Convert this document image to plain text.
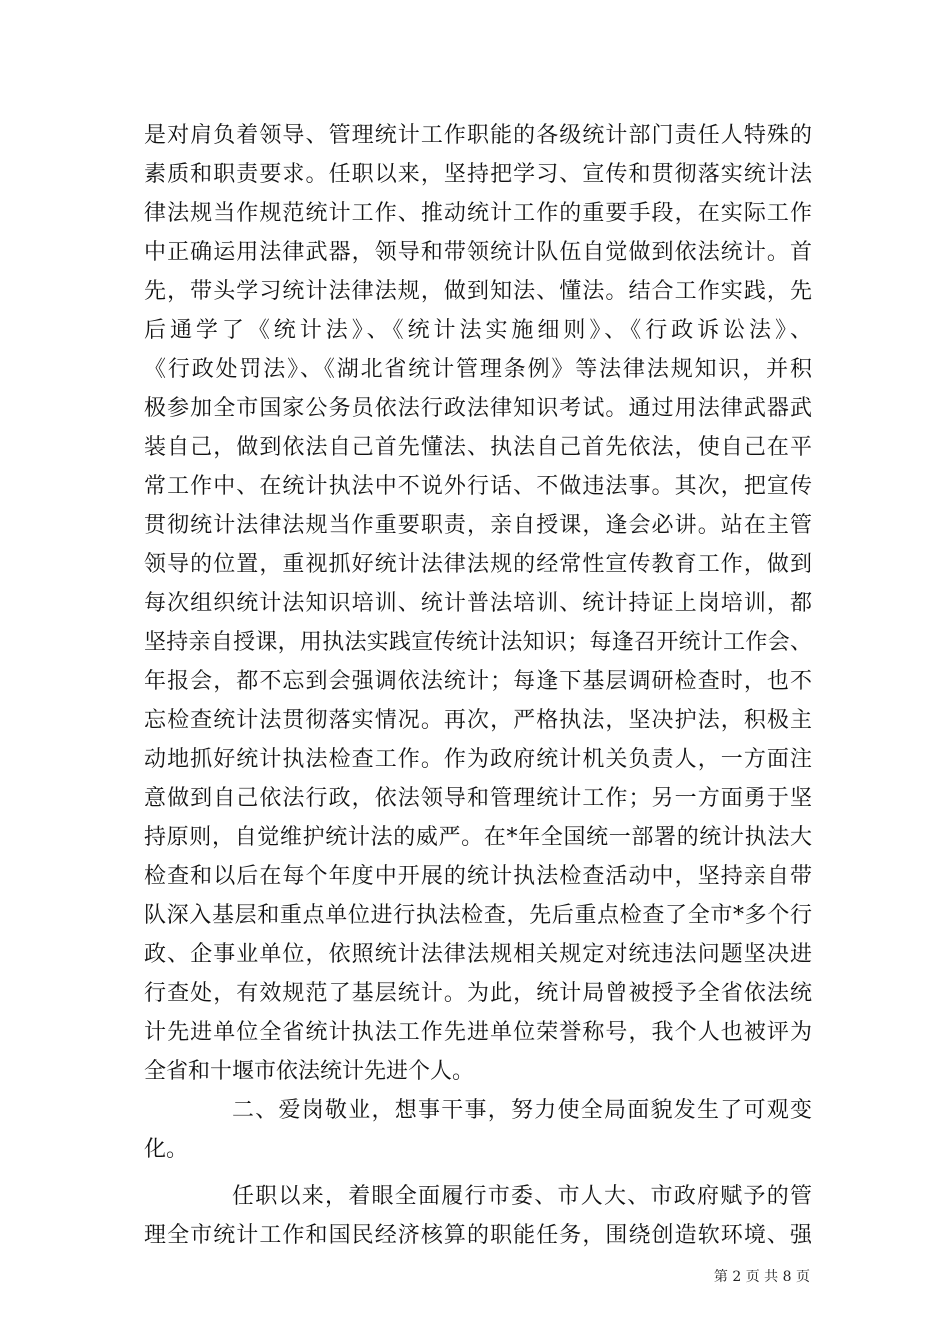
是对肩负着领导、管理统计工作职能的各级统计部门责任人特殊的
素质和职责要求。任职以来，坚持把学习、宣传和贯彻落实统计法
律法规当作规范统计工作、推动统计工作的重要手段，在实际工作
中正确运用法律武器，领导和带领统计队伍自觉做到依法统计。首
先，带头学习统计法律法规，做到知法、懂法。结合工作实践，先
后通学了《统计法》、《统计法实施细则》、《行政诉讼法》、
《行政处罚法》、《湖北省统计管理条例》等法律法规知识，并积
极参加全市国家公务员依法行政法律知识考试。通过用法律武器武
装自己，做到依法自己首先懂法、执法自己首先依法，使自己在平
常工作中、在统计执法中不说外行话、不做违法事。其次，把宣传
贯彻统计法律法规当作重要职责，亲自授课，逢会必讲。站在主管
领导的位置，重视抓好统计法律法规的经常性宣传教育工作，做到
每次组织统计法知识培训、统计普法培训、统计持证上岗培训，都
坚持亲自授课，用执法实践宣传统计法知识；每逢召开统计工作会、
年报会，都不忘到会强调依法统计；每逢下基层调研检查时，也不
忘检查统计法贯彻落实情况。再次，严格执法，坚决护法，积极主
动地抓好统计执法检查工作。作为政府统计机关负责人，一方面注
意做到自己依法行政，依法领导和管理统计工作；另一方面勇于坚
持原则，自觉维护统计法的威严。在*年全国统一部署的统计执法大
检查和以后在每个年度中开展的统计执法检查活动中，坚持亲自带
队深入基层和重点单位进行执法检查，先后重点检查了全市*多个行
政、企事业单位，依照统计法律法规相关规定对统违法问题坚决进
行查处，有效规范了基层统计。为此，统计局曾被授予全省依法统
计先进单位全省统计执法工作先进单位荣誉称号，我个人也被评为
全省和十堰市依法统计先进个人。
二、爱岗敬业，想事干事，努力使全局面貌发生了可观变
化。
任职以来，着眼全面履行市委、市人大、市政府赋予的管
理全市统计工作和国民经济核算的职能任务，围绕创造软环境、强
第 2 页 共 8 页
